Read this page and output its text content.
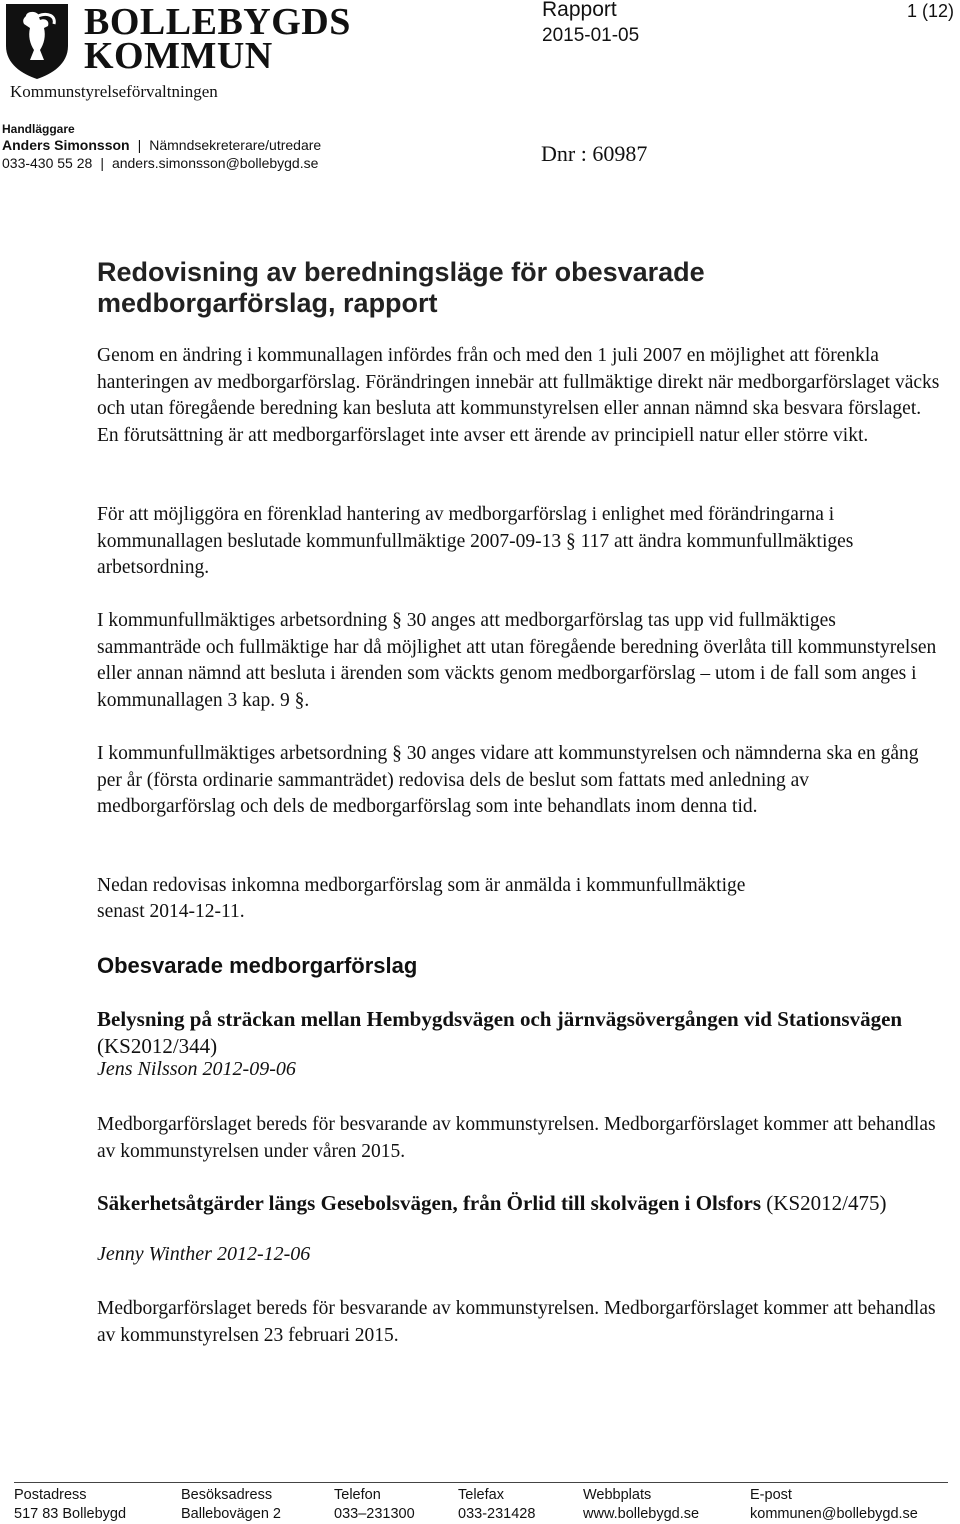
BOLLEBYGDS
KOMMUN
Kommunstyrelseförvaltningen
Handläggare
Anders Simonsson | Nämndsekreterare/utredare
033-430 55 28 | anders.simonsson@bollebygd.se
Rapport
2015-01-05
1 (12)
Dnr : 60987
Redovisning av beredningsläge för obesvarade medborgarförslag, rapport

Genom en ändring i kommunallagen infördes från och med den 1 juli 2007 en möjlighet att förenkla hanteringen av medborgarförslag. Förändringen innebär att fullmäktige direkt när medborgarförslaget väcks och utan föregående beredning kan besluta att kommunstyrelsen eller annan nämnd ska besvara förslaget. En förutsättning är att medborgarförslaget inte avser ett ärende av principiell natur eller större vikt.

För att möjliggöra en förenklad hantering av medborgarförslag i enlighet med förändringarna i kommunallagen beslutade kommunfullmäktige 2007-09-13 § 117 att ändra kommunfullmäktiges arbetsordning.

I kommunfullmäktiges arbetsordning § 30 anges att medborgarförslag tas upp vid fullmäktiges sammanträde och fullmäktige har då möjlighet att utan föregående beredning överlåta till kommunstyrelsen eller annan nämnd att besluta i ärenden som väckts genom medborgarförslag – utom i de fall som anges i kommunallagen 3 kap. 9 §.

I kommunfullmäktiges arbetsordning § 30 anges vidare att kommunstyrelsen och nämnderna ska en gång per år (första ordinarie sammanträdet) redovisa dels de beslut som fattats med anledning av medborgarförslag och dels de medborgarförslag som inte behandlats inom denna tid.

Nedan redovisas inkomna medborgarförslag som är anmälda i kommunfullmäktige

senast 2014-12-11.

Obesvarade medborgarförslag

Belysning på sträckan mellan Hembygdsvägen och järnvägsövergången vid Stationsvägen (KS2012/344)

Jens Nilsson 2012-09-06

Medborgarförslaget bereds för besvarande av kommunstyrelsen. Medborgarförslaget kommer att behandlas av kommunstyrelsen under våren 2015.

Säkerhetsåtgärder längs Gesebolsvägen, från Örlid till skolvägen i Olsfors (KS2012/475)

Jenny Winther 2012-12-06

Medborgarförslaget bereds för besvarande av kommunstyrelsen. Medborgarförslaget kommer att behandlas av kommunstyrelsen 23 februari 2015.

Postadress
517 83 Bollebygd
Besöksadress
Ballebovägen 2
Telefon
033–231300
Telefax
033-231428
Webbplats
www.bollebygd.se
E-post
kommunen@bollebygd.se
